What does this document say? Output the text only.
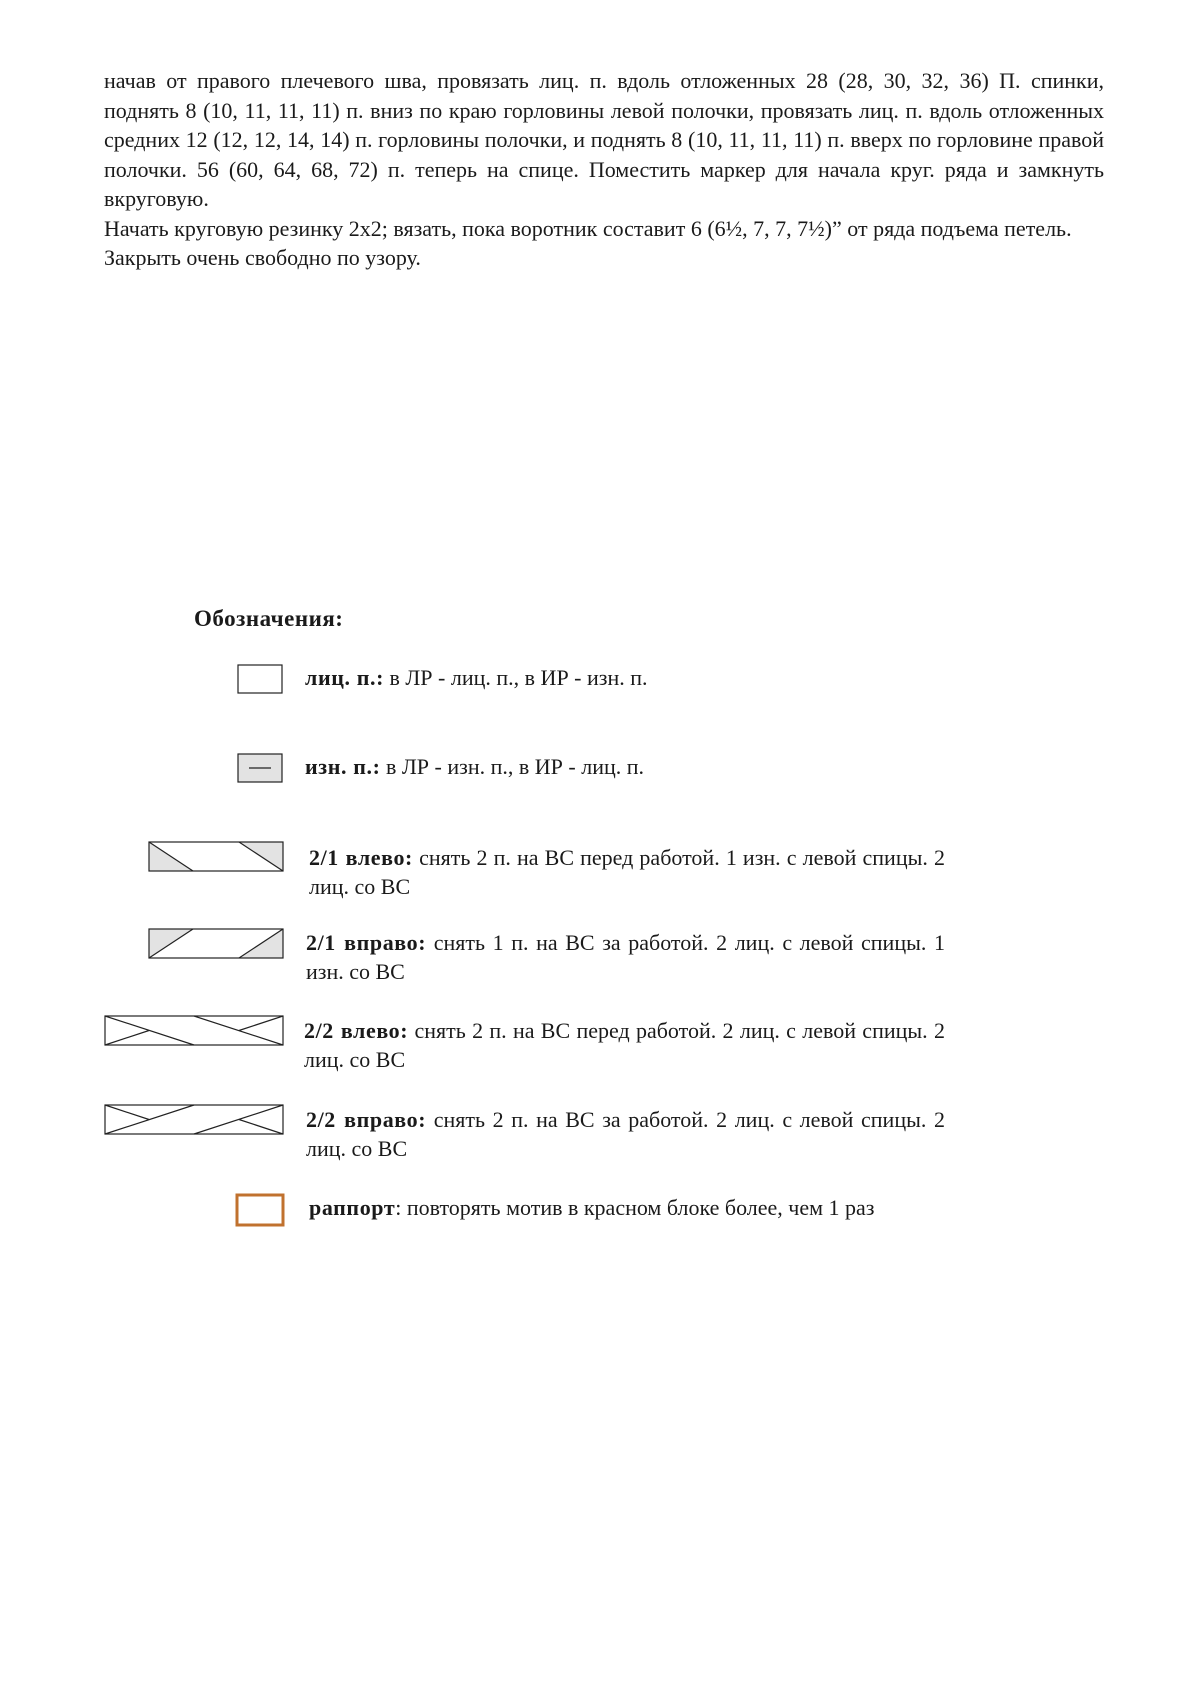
начав от правого плечевого шва, провязать лиц. п. вдоль отложенных 28 (28, 30, 32, 36) П. спинки, поднять 8 (10, 11, 11, 11) п. вниз по краю горловины левой полочки, провязать лиц. п. вдоль отложенных средних 12 (12, 12, 14, 14) п. горловины полочки, и поднять 8 (10, 11, 11, 11) п. вверх по горловине правой полочки. 56 (60, 64, 68, 72) п. теперь на спице. Поместить маркер для начала круг. ряда и замкнуть вкруговую.

Начать круговую резинку 2х2; вязать, пока воротник составит 6 (6½, 7, 7, 7½)” от ряда подъема петель.

Закрыть очень свободно по узору.

Обозначения:
лиц. п.: в ЛР - лиц. п., в ИР - изн. п.
изн. п.: в ЛР - изн. п., в ИР - лиц. п.
2/1 влево: снять 2 п. на ВС перед работой. 1 изн. с левой спицы. 2 лиц. со ВС
2/1 вправо: снять 1 п. на ВС за работой. 2 лиц. с левой спицы. 1 изн. со ВС
2/2 влево: снять 2 п. на ВС перед работой. 2 лиц. с левой спицы. 2 лиц. со ВС
2/2 вправо: снять 2 п. на ВС за работой. 2 лиц. с левой спицы. 2 лиц. со ВС
раппорт: повторять мотив в красном блоке более, чем 1 раз
